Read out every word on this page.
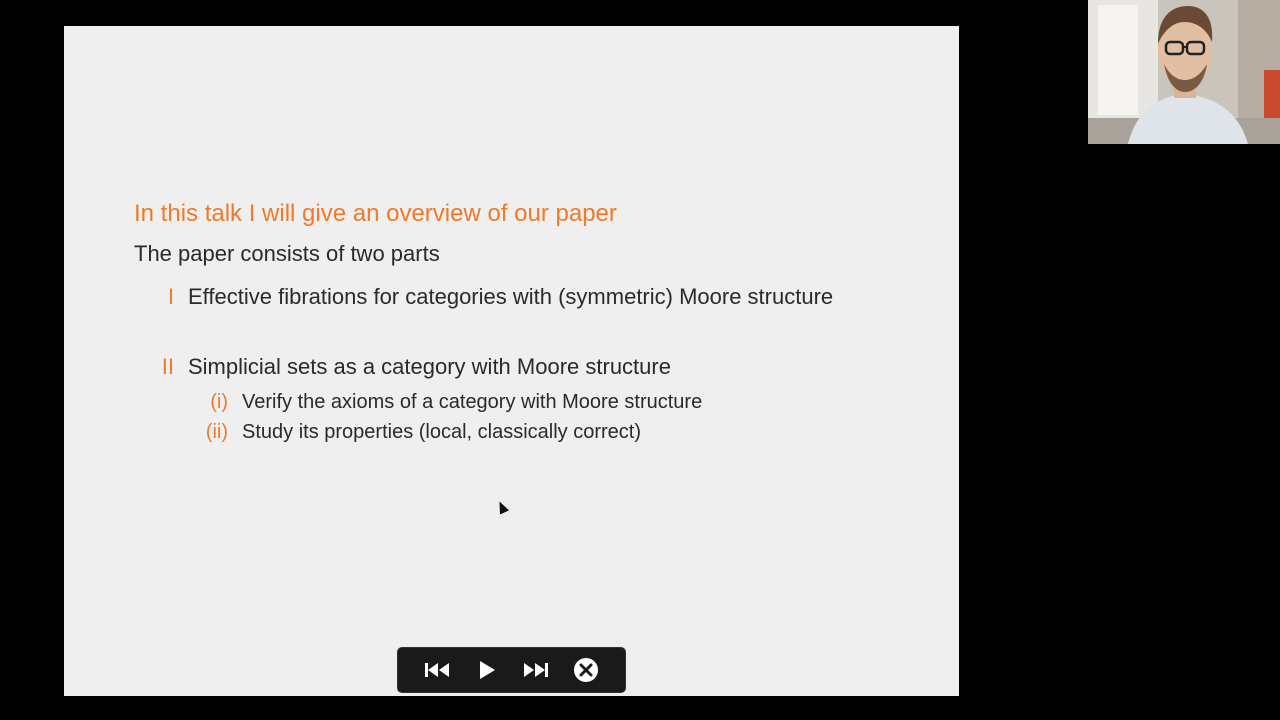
In this talk I will give an overview of our paper
The paper consists of two parts
I Effective fibrations for categories with (symmetric) Moore structure
II Simplicial sets as a category with Moore structure
(i) Verify the axioms of a category with Moore structure
(ii) Study its properties (local, classically correct)
